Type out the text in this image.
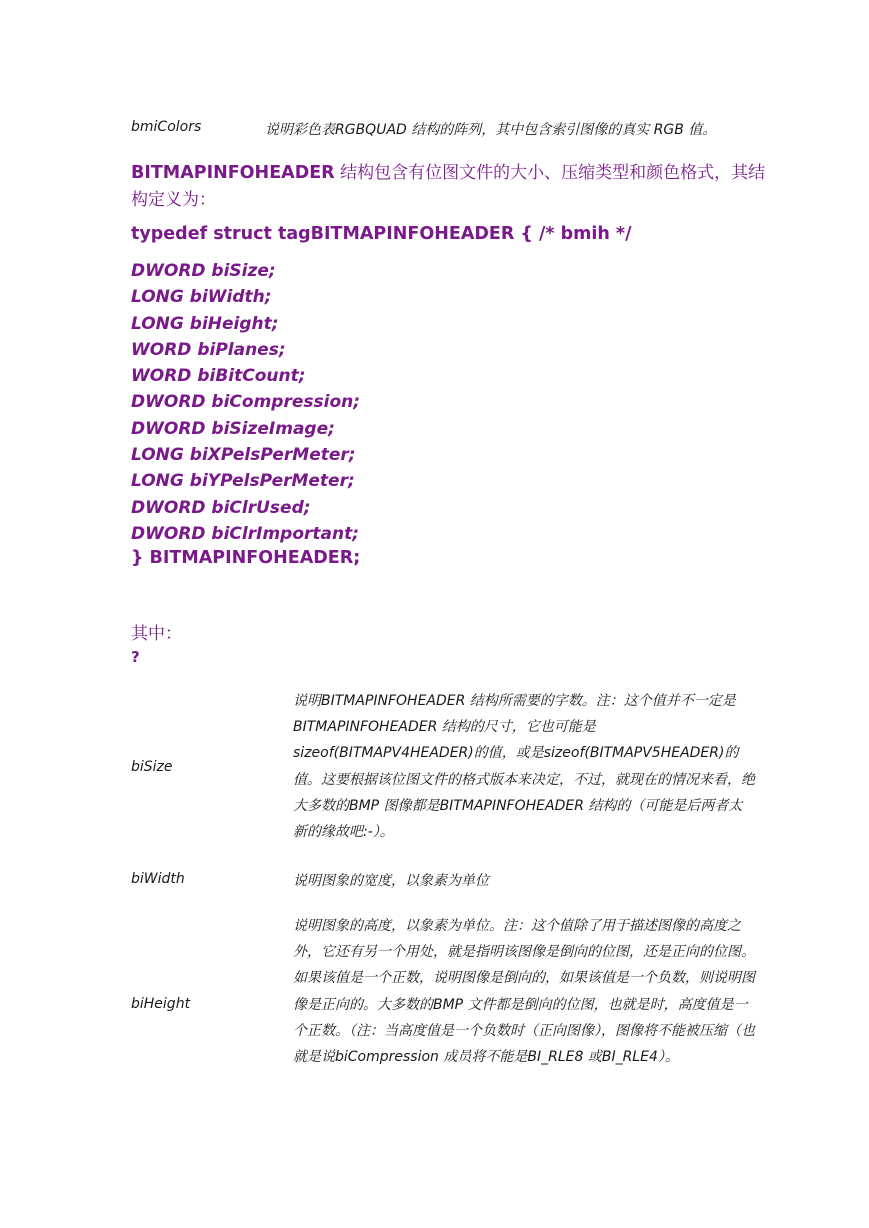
bmiColors	说明彩色表RGBQUAD 结构的阵列，其中包含索引图像的真实 RGB 值。
BITMAPINFOHEADER 结构包含有位图文件的大小、压缩类型和颜色格式，其结构定义为：
typedef struct tagBITMAPINFOHEADER { /* bmih */
DWORD biSize;
LONG biWidth;
LONG biHeight;
WORD biPlanes;
WORD biBitCount;
DWORD biCompression;
DWORD biSizeImage;
LONG biXPelsPerMeter;
LONG biYPelsPerMeter;
DWORD biClrUsed;
DWORD biClrImportant;
} BITMAPINFOHEADER;
其中：
?
biSize
说明BITMAPINFOHEADER 结构所需要的字数。注：这个值并不一定是BITMAPINFOHEADER 结构的尺寸，它也可能是sizeof(BITMAPV4HEADER)的值，或是sizeof(BITMAPV5HEADER)的值。这要根据该位图文件的格式版本来决定，不过，就现在的情况来看，绝大多数的BMP 图像都是BITMAPINFOHEADER 结构的（可能是后两者太新的缘故吧:-）。
biWidth	说明图象的宽度，以象素为单位
biHeight
说明图象的高度，以象素为单位。注：这个值除了用于描述图像的高度之外，它还有另一个用处，就是指明该图像是倒向的位图，还是正向的位图。如果该值是一个正数，说明图像是倒向的，如果该值是一个负数，则说明图像是正向的。大多数的BMP 文件都是倒向的位图，也就是时，高度值是一个正数。（注：当高度值是一个负数时（正向图像），图像将不能被压缩（也就是说biCompression 成员将不能是BI_RLE8 或BI_RLE4）。
